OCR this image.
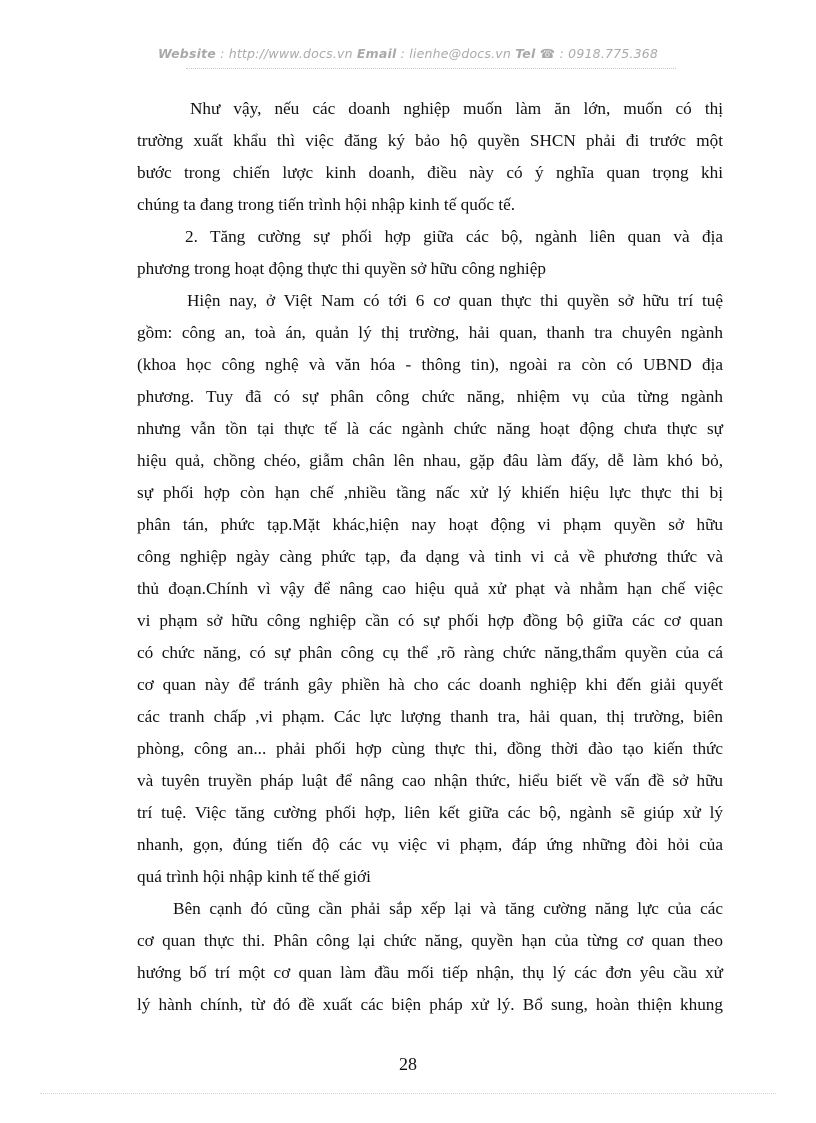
Website : http://www.docs.vn Email : lienhe@docs.vn Tel ☎ : 0918.775.368
Như vậy, nếu các doanh nghiệp muốn làm ăn lớn, muốn có thị
trường xuất khẩu thì việc đăng ký bảo hộ quyền SHCN phải đi trước một
bước trong chiến lược kinh doanh, điều này có ý nghĩa quan trọng khi
chúng ta đang trong tiến trình hội nhập kinh tế quốc tế.
2. Tăng cường sự phối hợp giữa các bộ, ngành liên quan và địa
phương trong hoạt động thực thi quyền sở hữu công nghiệp
Hiện nay, ở Việt Nam có tới 6 cơ quan thực thi quyền sở hữu trí tuệ
gồm: công an, toà án, quản lý thị trường, hải quan, thanh tra chuyên ngành
(khoa học công nghệ và văn hóa - thông tin), ngoài ra còn có UBND địa
phương. Tuy đã có sự phân công chức năng, nhiệm vụ của từng ngành
nhưng vẫn tồn tại thực tế là các ngành chức năng hoạt động chưa thực sự
hiệu quả, chồng chéo, giẫm chân lên nhau, gặp đâu làm đấy, dễ làm khó bỏ,
sự phối hợp còn hạn chế ,nhiều tầng nấc xử lý khiến hiệu lực thực thi bị
phân tán, phức tạp.Mặt khác,hiện nay hoạt động vi phạm quyền sở hữu
công nghiệp ngày càng phức tạp, đa dạng và tinh vi cả về phương thức và
thủ đoạn.Chính vì vậy để nâng cao hiệu quả xử phạt và nhằm hạn chế việc
vi phạm sở hữu công nghiệp cần có sự phối hợp đồng bộ giữa các cơ quan
có chức năng, có sự phân công cụ thể ,rõ ràng chức năng,thẩm quyền của cá
cơ quan này để tránh gây phiền hà cho các doanh nghiệp khi đến giải quyết
các tranh chấp ,vi phạm. Các lực lượng thanh tra, hải quan, thị trường, biên
phòng, công an... phải phối hợp cùng thực thi, đồng thời đào tạo kiến thức
và tuyên truyền pháp luật để nâng cao nhận thức, hiểu biết về vấn đề sở hữu
trí tuệ. Việc tăng cường phối hợp, liên kết giữa các bộ, ngành sẽ giúp xử lý
nhanh, gọn, đúng tiến độ các vụ việc vi phạm, đáp ứng những đòi hỏi của
quá trình hội nhập kinh tế thế giới
Bên cạnh đó cũng cần phải sắp xếp lại và tăng cường năng lực của các
cơ quan thực thi. Phân công lại chức năng, quyền hạn của từng cơ quan theo
hướng bố trí một cơ quan làm đầu mối tiếp nhận, thụ lý các đơn yêu cầu xử
lý hành chính, từ đó đề xuất các biện pháp xử lý. Bổ sung, hoàn thiện khung
28
